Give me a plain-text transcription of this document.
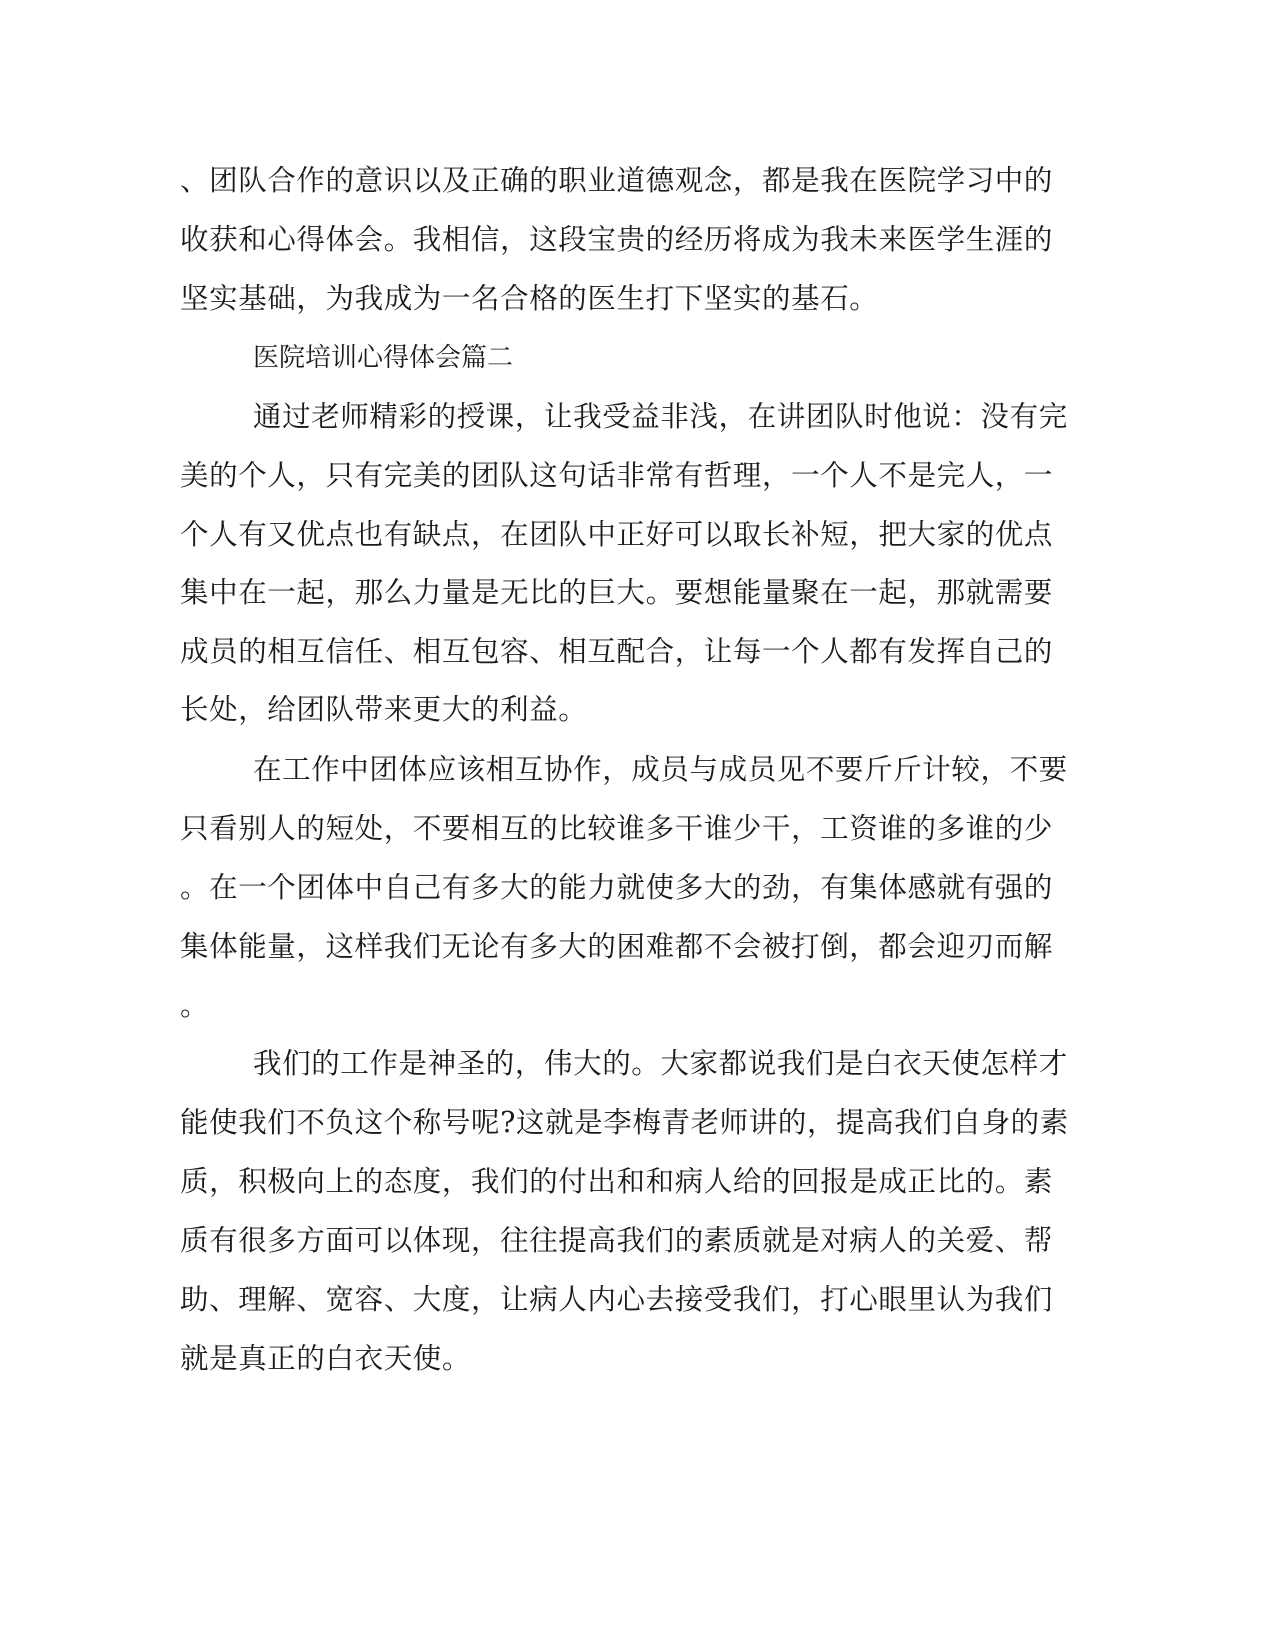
、团队合作的意识以及正确的职业道德观念，都是我在医院学习中的
收获和心得体会。我相信，这段宝贵的经历将成为我未来医学生涯的
坚实基础，为我成为一名合格的医生打下坚实的基石。
医院培训心得体会篇二
通过老师精彩的授课，让我受益非浅，在讲团队时他说：没有完
美的个人，只有完美的团队这句话非常有哲理，一个人不是完人，一
个人有又优点也有缺点，在团队中正好可以取长补短，把大家的优点
集中在一起，那么力量是无比的巨大。要想能量聚在一起，那就需要
成员的相互信任、相互包容、相互配合，让每一个人都有发挥自己的
长处，给团队带来更大的利益。
在工作中团体应该相互协作，成员与成员见不要斤斤计较，不要
只看别人的短处，不要相互的比较谁多干谁少干，工资谁的多谁的少
。在一个团体中自己有多大的能力就使多大的劲，有集体感就有强的
集体能量，这样我们无论有多大的困难都不会被打倒，都会迎刃而解
。
我们的工作是神圣的，伟大的。大家都说我们是白衣天使怎样才
能使我们不负这个称号呢?这就是李梅青老师讲的，提高我们自身的素
质，积极向上的态度，我们的付出和和病人给的回报是成正比的。素
质有很多方面可以体现，往往提高我们的素质就是对病人的关爱、帮
助、理解、宽容、大度，让病人内心去接受我们，打心眼里认为我们
就是真正的白衣天使。
